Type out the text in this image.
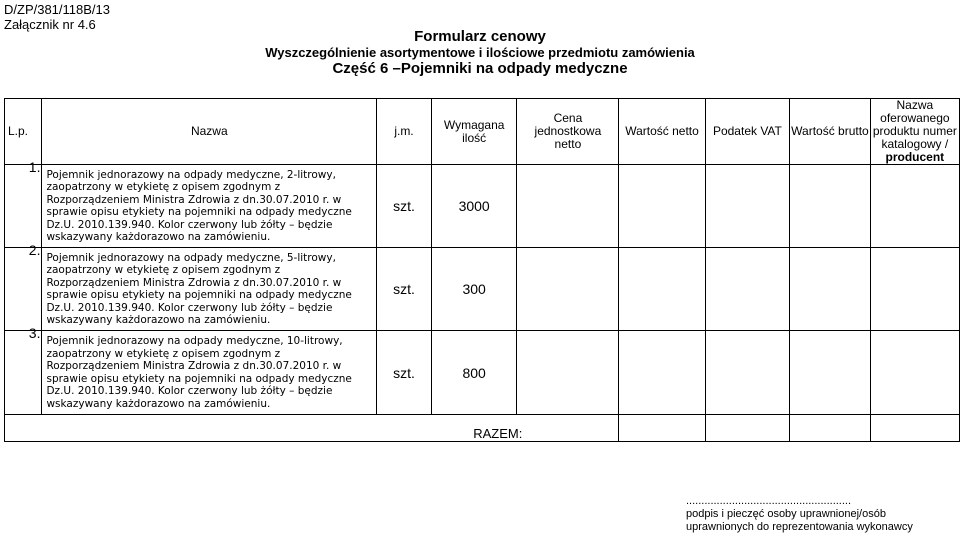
D/ZP/381/118B/13
Załącznik nr 4.6
Formularz cenowy
Wyszczególnienie asortymentowe i ilościowe przedmiotu zamówienia
Część 6 –Pojemniki na odpady medyczne
L.p.	Nazwa	j.m.	Wymagana ilość	Cena jednostkowa netto	Wartość netto	Podatek VAT	Wartość brutto	Nazwa oferowanego produktu numer katalogowy /
producent
1.	Pojemnik jednorazowy na odpady medyczne, 2-litrowy, zaopatrzony w etykietę z opisem zgodnym z Rozporządzeniem Ministra Zdrowia z dn.30.07.2010 r. w sprawie opisu etykiety na pojemniki na odpady medyczne Dz.U. 2010.139.940. Kolor czerwony lub żółty – będzie wskazywany każdorazowo na zamówieniu.	szt.	3000					
2.	Pojemnik jednorazowy na odpady medyczne, 5-litrowy, zaopatrzony w etykietę z opisem zgodnym z Rozporządzeniem Ministra Zdrowia z dn.30.07.2010 r. w sprawie opisu etykiety na pojemniki na odpady medyczne Dz.U. 2010.139.940. Kolor czerwony lub żółty – będzie wskazywany każdorazowo na zamówieniu.	szt.	300					
3.	Pojemnik jednorazowy na odpady medyczne, 10-litrowy, zaopatrzony w etykietę z opisem zgodnym z Rozporządzeniem Ministra Zdrowia z dn.30.07.2010 r. w sprawie opisu etykiety na pojemniki na odpady medyczne Dz.U. 2010.139.940. Kolor czerwony lub żółty – będzie wskazywany każdorazowo na zamówieniu.	szt.	800					
RAZEM:								
......................................................
podpis i pieczęć osoby uprawnionej/osób
uprawnionych do reprezentowania wykonawcy
